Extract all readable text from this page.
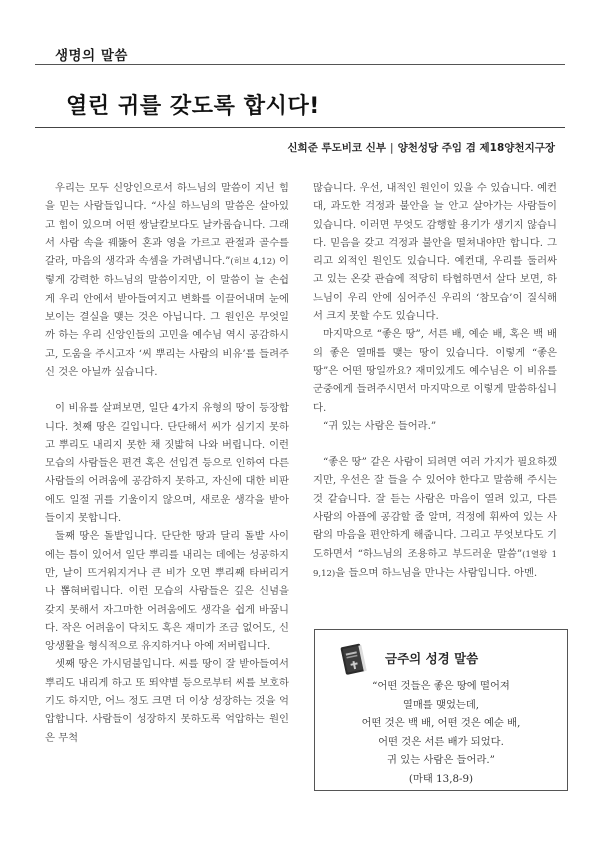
생명의 말씀
열린 귀를 갖도록 합시다!
신희준 루도비코 신부 | 양천성당 주임 겸 제18양천지구장

우리는 모두 신앙인으로서 하느님의 말씀이 지닌 힘을 믿는 사람들입니다. “사실 하느님의 말씀은 살아있고 힘이 있으며 어떤 쌍날칼보다도 날카롭습니다. 그래서 사람 속을 꿰뚫어 혼과 영을 가르고 관절과 골수를 갈라, 마음의 생각과 속셈을 가려냅니다.”(히브 4,12) 이렇게 강력한 하느님의 말씀이지만, 이 말씀이 늘 손쉽게 우리 안에서 받아들여지고 변화를 이끌어내며 눈에 보이는 결실을 맺는 것은 아닙니다. 그 원인은 무엇일까 하는 우리 신앙인들의 고민을 예수님 역시 공감하시고, 도움을 주시고자 ‘씨 뿌리는 사람의 비유’를 들려주신 것은 아닐까 싶습니다.

이 비유를 살펴보면, 일단 4가지 유형의 땅이 등장합니다. 첫째 땅은 길입니다. 단단해서 씨가 심기지 못하고 뿌리도 내리지 못한 채 짓밟혀 나와 버립니다. 이런 모습의 사람들은 편견 혹은 선입견 등으로 인하여 다른 사람들의 어려움에 공감하지 못하고, 자신에 대한 비판에도 일절 귀를 기울이지 않으며, 새로운 생각을 받아들이지 못합니다.

둘째 땅은 돌밭입니다. 단단한 땅과 달리 돌밭 사이에는 틈이 있어서 일단 뿌리를 내리는 데에는 성공하지만, 날이 뜨거워지거나 큰 비가 오면 뿌리째 타버리거나 뽑혀버립니다. 이런 모습의 사람들은 깊은 신념을 갖지 못해서 자그마한 어려움에도 생각을 쉽게 바꿉니다. 작은 어려움이 닥치도 혹은 재미가 조금 없어도, 신앙생활을 형식적으로 유지하거나 아예 저버립니다.

셋째 땅은 가시덤불입니다. 씨를 땅이 잘 받아들여서 뿌리도 내리게 하고 또 뙤약볕 등으로부터 씨를 보호하기도 하지만, 어느 정도 크면 더 이상 성장하는 것을 억압합니다. 사람들이 성장하지 못하도록 억압하는 원인은 무척

많습니다. 우선, 내적인 원인이 있을 수 있습니다. 예컨대, 과도한 걱정과 불안을 늘 안고 살아가는 사람들이 있습니다. 이러면 무엇도 감행할 용기가 생기지 않습니다. 믿음을 갖고 걱정과 불안을 떨쳐내야만 합니다. 그리고 외적인 원인도 있습니다. 예컨대, 우리를 둘러싸고 있는 온갖 관습에 적당히 타협하면서 살다 보면, 하느님이 우리 안에 심어주신 우리의 ‘참모습’이 질식해서 크지 못할 수도 있습니다.

마지막으로 “좋은 땅”, 서른 배, 예순 배, 혹은 백 배의 좋은 열매를 맺는 땅이 있습니다. 이렇게 “좋은 땅”은 어떤 땅일까요? 재미있게도 예수님은 이 비유를 군중에게 들려주시면서 마지막으로 이렇게 말씀하십니다.

“귀 있는 사람은 들어라.”

“좋은 땅” 같은 사람이 되려면 여러 가지가 필요하겠지만, 우선은 잘 들을 수 있어야 한다고 말씀해 주시는 것 같습니다. 잘 듣는 사람은 마음이 열려 있고, 다른 사람의 아픔에 공감할 줄 알며, 걱정에 휘싸여 있는 사람의 마음을 편안하게 해줍니다. 그리고 무엇보다도 기도하면서 “하느님의 조용하고 부드러운 말씀”(1열왕 19,12)을 들으며 하느님을 만나는 사람입니다. 아멘.

금주의 성경 말씀
“어떤 것들은 좋은 땅에 떨어져
열매를 맺었는데,
어떤 것은 백 배, 어떤 것은 예순 배,
어떤 것은 서른 배가 되었다.
귀 있는 사람은 들어라.”
(마태 13,8-9)
